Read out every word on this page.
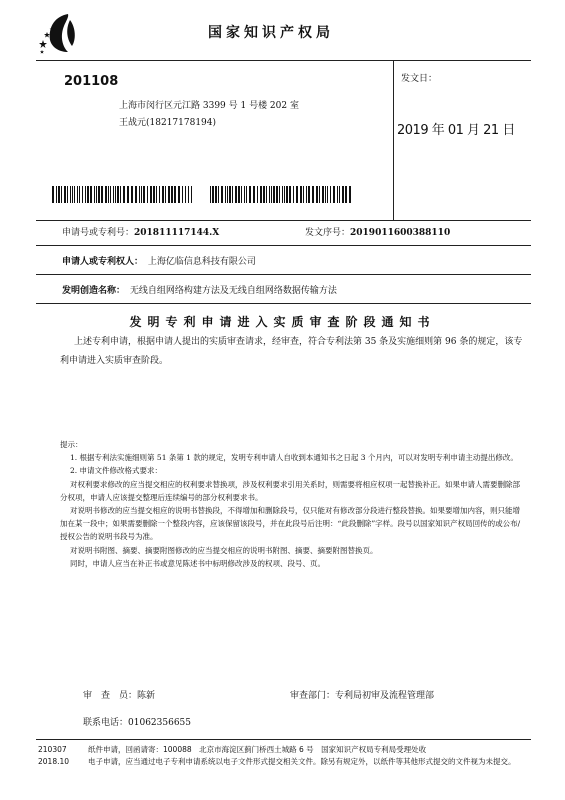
国家知识产权局
201108
上海市闵行区元江路 3399 号 1 号楼 202 室
王战元(18217178194)
发文日：
2019 年 01 月 21 日
申请号或专利号：201811117144.X	发文序号：2019011600388110
申请人或专利权人： 上海亿临信息科技有限公司
发明创造名称： 无线自组网络构建方法及无线自组网络数据传输方法
发明专利申请进入实质审查阶段通知书
上述专利申请，根据申请人提出的实质审查请求，经审查，符合专利法第 35 条及实施细则第 96 条的规定，该专利申请进入实质审查阶段。

提示：

1. 根据专利法实施细则第 51 条第 1 款的规定，发明专利申请人自收到本通知书之日起 3 个月内，可以对发明专利申请主动提出修改。

2. 申请文件修改格式要求：

对权利要求修改的应当提交相应的权利要求替换项，涉及权利要求引用关系时，则需要将相应权项一起替换补正。如果申请人需要删除部分权项，申请人应该提交整理后连续编号的部分权利要求书。

对说明书修改的应当提交相应的说明书替换段，不得增加和删除段号，仅只能对有修改部分段进行整段替换。如果要增加内容，则只能增加在某一段中；如果需要删除一个整段内容，应该保留该段号，并在此段号后注明：“此段删除”字样。段号以国家知识产权局回传的或公布/授权公告的说明书段号为准。

对说明书附图、摘要、摘要附图修改的应当提交相应的说明书附图、摘要、摘要附图替换页。

同时，申请人应当在补正书或意见陈述书中标明修改涉及的权项、段号、页。

审　查　员：陈新	审查部门：专利局初审及流程管理部
联系电话：01062356655
210307
2018.10
纸件申请，回函请寄：100088　北京市海淀区蓟门桥西土城路 6 号　国家知识产权局专利局受理处收
电子申请，应当通过电子专利申请系统以电子文件形式提交相关文件。除另有规定外，以纸件等其他形式提交的文件视为未提交。
